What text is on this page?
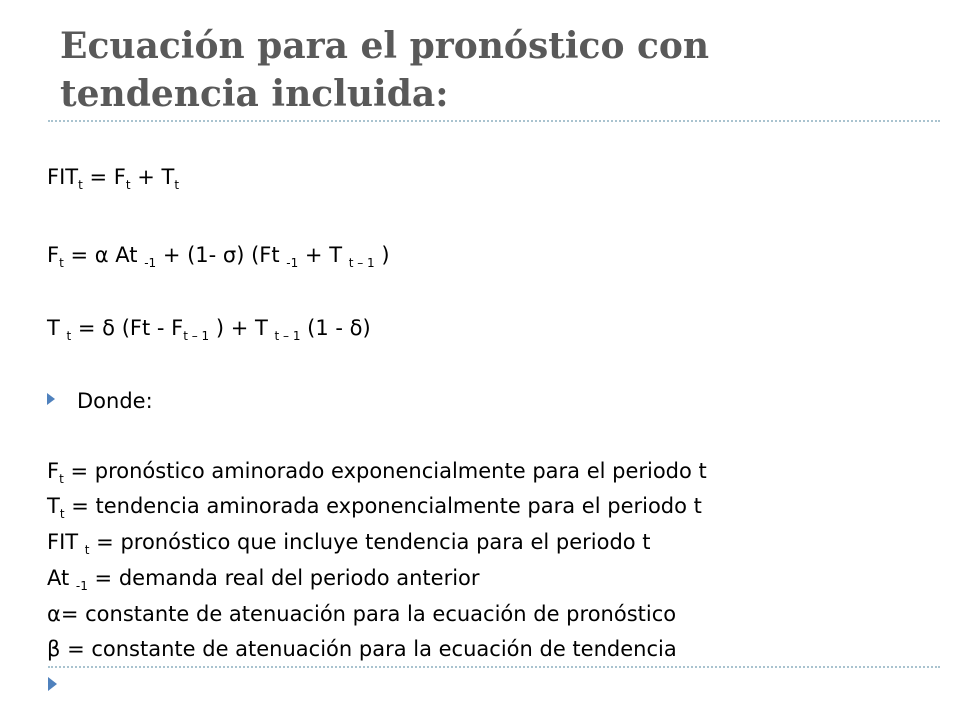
Ecuación para el pronóstico con
tendencia incluida:
$FIT_t = F_t + T_t$
$F_t = \alpha$ At $_{-1}$ + (1- σ) (Ft $_{-1}$ + T $_{t - 1}$ )
T $_t$ = δ ($Ft - F_{t - 1}$ ) + T $_{t - 1}$ (1 - δ)
Donde:
$F_t$ = pronóstico aminorado exponencialmente para el periodo t
$T_t$ = tendencia aminorada exponencialmente para el periodo t
FIT $_t$ = pronóstico que incluye tendencia para el periodo t
At $_{-1}$ = demanda real del periodo anterior
α= constante de atenuación para la ecuación de pronóstico
β = constante de atenuación para la ecuación de tendencia
